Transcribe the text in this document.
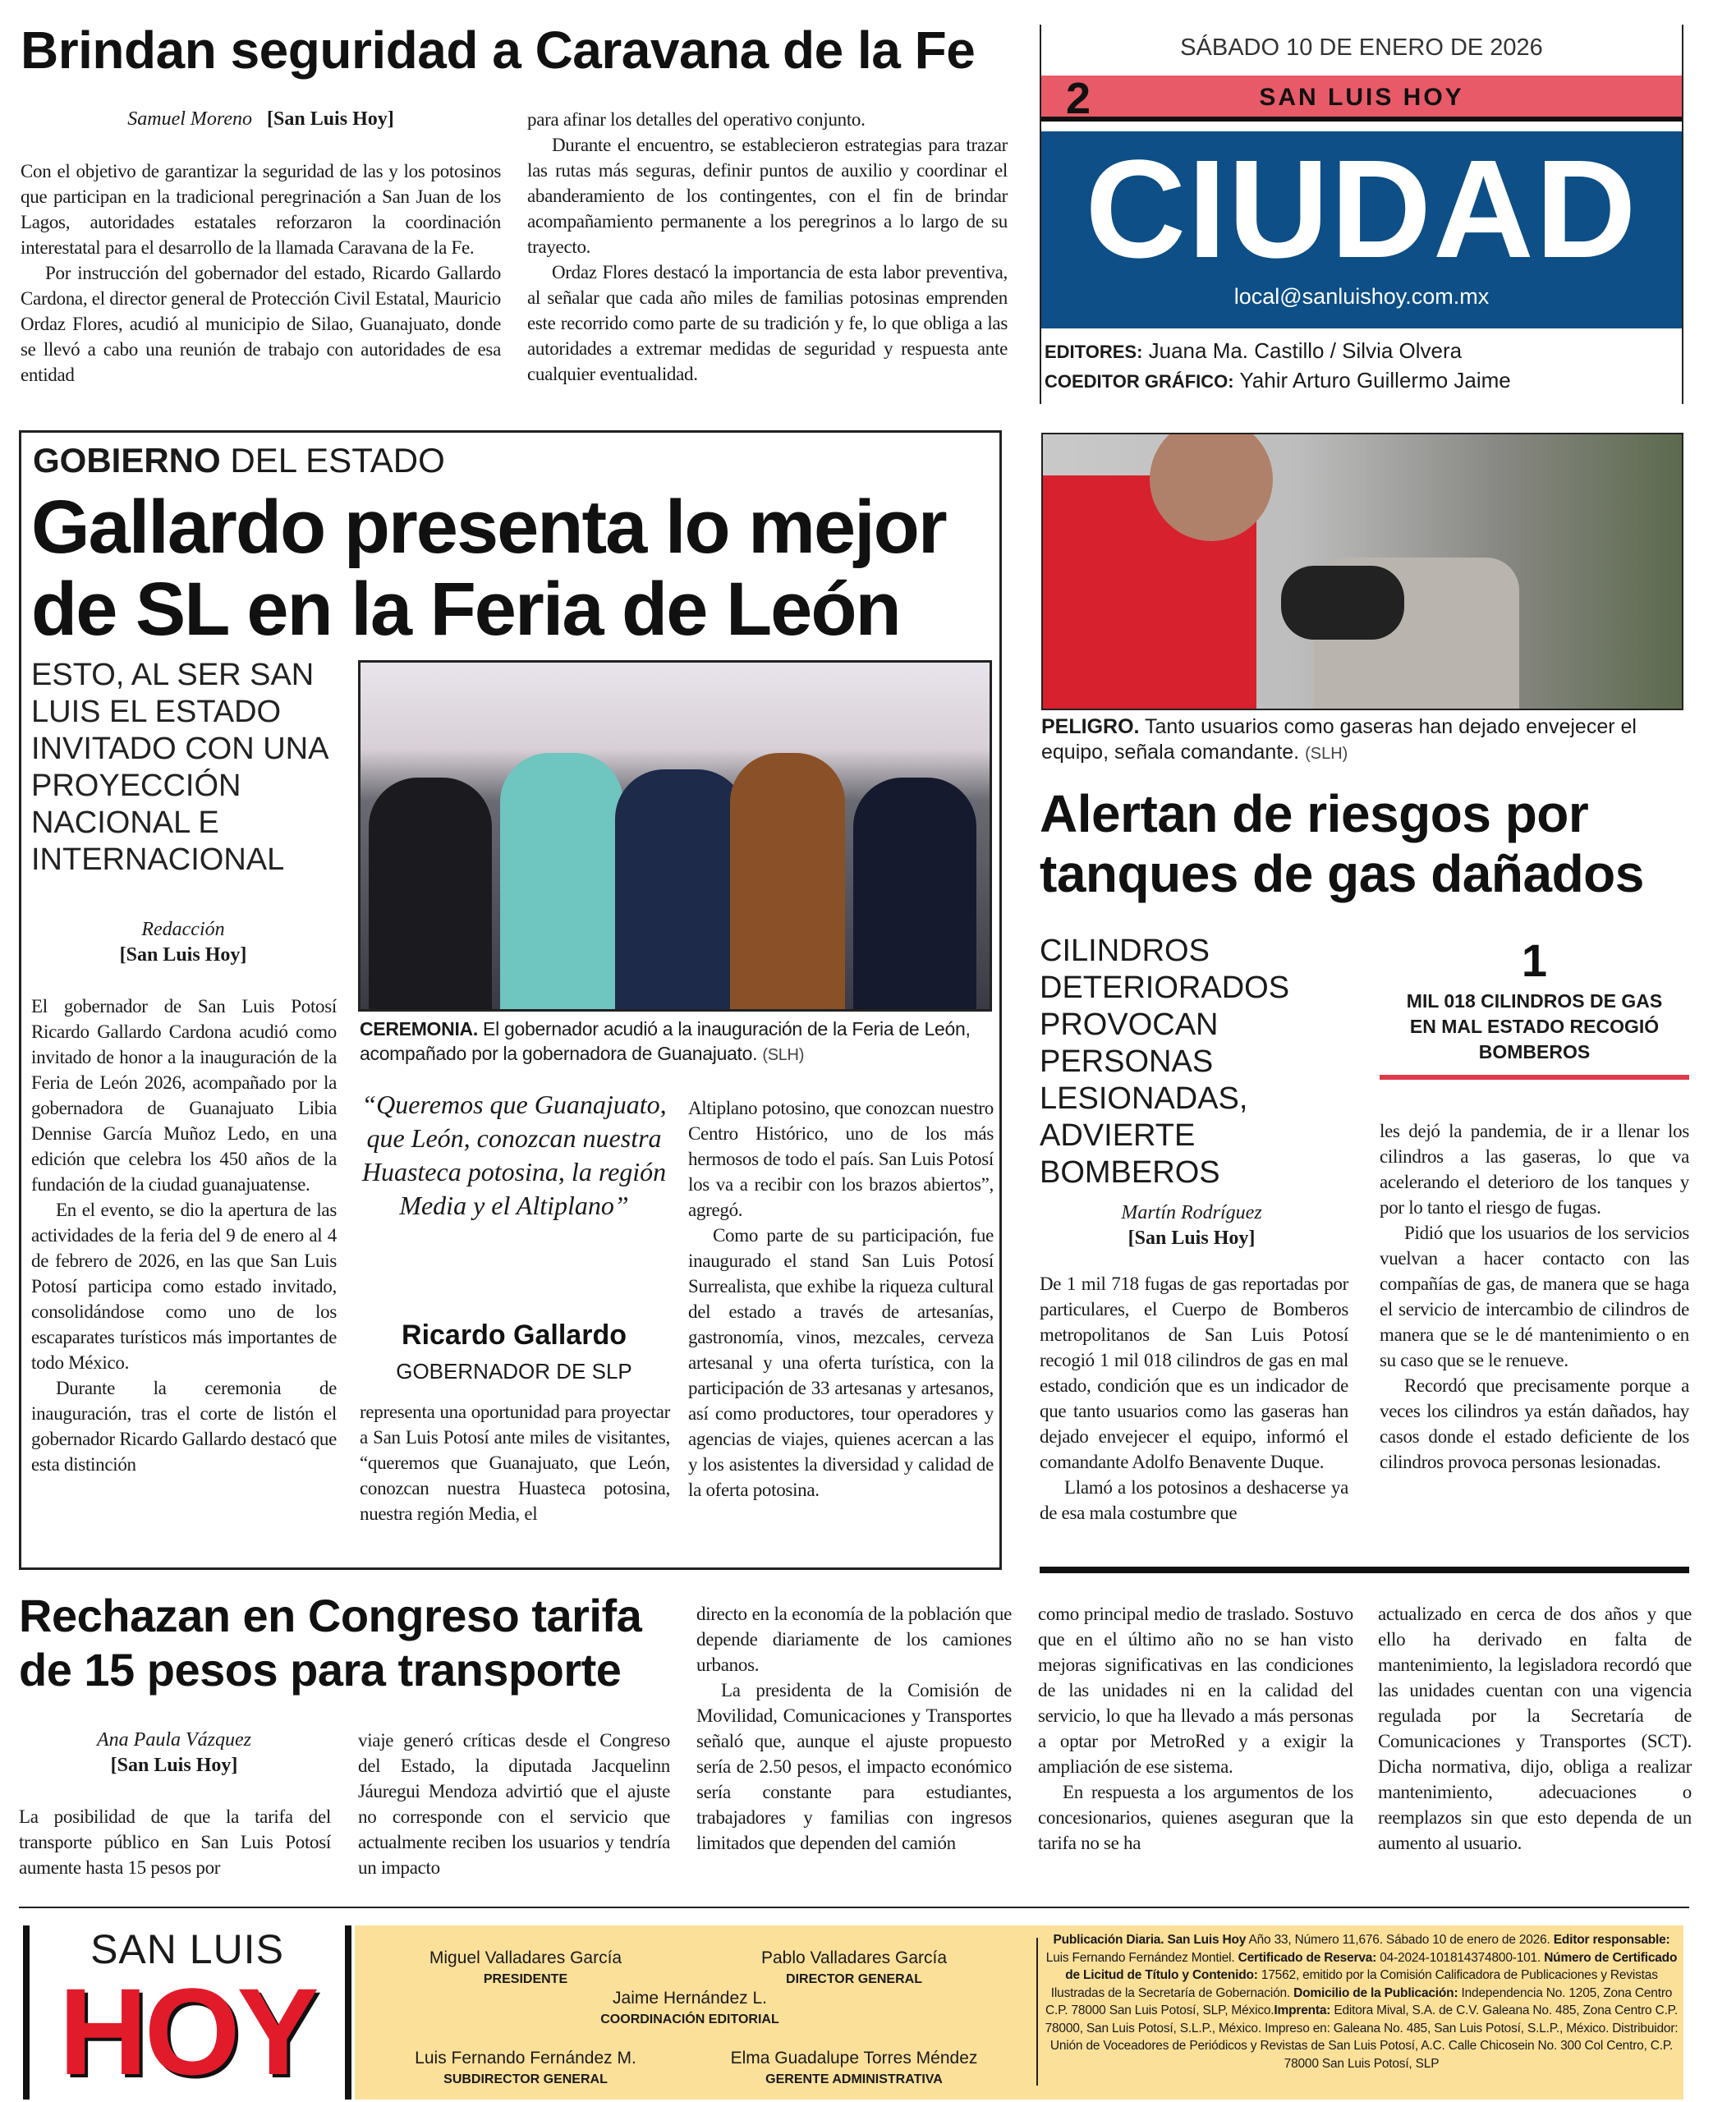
Brindan seguridad a Caravana de la Fe
Samuel Moreno [San Luis Hoy]

Con el objetivo de garantizar la seguridad de las y los potosinos que participan en la tradicional peregrinación a San Juan de los Lagos, autoridades estatales reforzaron la coordinación interestatal para el desarrollo de la llamada Caravana de la Fe.

Por instrucción del gobernador del estado, Ricardo Gallardo Cardona, el director general de Protección Civil Estatal, Mauricio Ordaz Flores, acudió al municipio de Silao, Guanajuato, donde se llevó a cabo una reunión de trabajo con autoridades de esa entidad

para afinar los detalles del operativo conjunto.

Durante el encuentro, se establecieron estrategias para trazar las rutas más seguras, definir puntos de auxilio y coordinar el abanderamiento de los contingentes, con el fin de brindar acompañamiento permanente a los peregrinos a lo largo de su trayecto.

Ordaz Flores destacó la importancia de esta labor preventiva, al señalar que cada año miles de familias potosinas emprenden este recorrido como parte de su tradición y fe, lo que obliga a las autoridades a extremar medidas de seguridad y respuesta ante cualquier eventualidad.

SÁBADO 10 DE ENERO DE 2026
2	SAN LUIS HOY
CIUDAD
local@sanluishoy.com.mx
EDITORES: Juana Ma. Castillo / Silvia Olvera
COEDITOR GRÁFICO: Yahir Arturo Guillermo Jaime
GOBIERNO DEL ESTADO
Gallardo presenta lo mejor de SL en la Feria de León
ESTO, AL SER SAN LUIS EL ESTADO INVITADO CON UNA PROYECCIÓN NACIONAL E INTERNACIONAL
CEREMONIA. El gobernador acudió a la inauguración de la Feria de León, acompañado por la gobernadora de Guanajuato. (SLH)
Redacción
[San Luis Hoy]

El gobernador de San Luis Potosí Ricardo Gallardo Cardona acudió como invitado de honor a la inauguración de la Feria de León 2026, acompañado por la gobernadora de Guanajuato Libia Dennise García Muñoz Ledo, en una edición que celebra los 450 años de la fundación de la ciudad guanajuatense.

En el evento, se dio la apertura de las actividades de la feria del 9 de enero al 4 de febrero de 2026, en las que San Luis Potosí participa como estado invitado, consolidándose como uno de los escaparates turísticos más importantes de todo México.

Durante la ceremonia de inauguración, tras el corte de listón el gobernador Ricardo Gallardo destacó que esta distinción

“Queremos que Guanajuato, que León, conozcan nuestra Huasteca potosina, la región Media y el Altiplano”
Ricardo Gallardo
GOBERNADOR DE SLP

representa una oportunidad para proyectar a San Luis Potosí ante miles de visitantes, “queremos que Guanajuato, que León, conozcan nuestra Huasteca potosina, nuestra región Media, el

Altiplano potosino, que conozcan nuestro Centro Histórico, uno de los más hermosos de todo el país. San Luis Potosí los va a recibir con los brazos abiertos”, agregó.

Como parte de su participación, fue inaugurado el stand San Luis Potosí Surrealista, que exhibe la riqueza cultural del estado a través de artesanías, gastronomía, vinos, mezcales, cerveza artesanal y una oferta turística, con la participación de 33 artesanas y artesanos, así como productores, tour operadores y agencias de viajes, quienes acercan a las y los asistentes la diversidad y calidad de la oferta potosina.

PELIGRO. Tanto usuarios como gaseras han dejado envejecer el equipo, señala comandante. (SLH)
Alertan de riesgos por tanques de gas dañados
CILINDROS DETERIORADOS PROVOCAN PERSONAS LESIONADAS, ADVIERTE BOMBEROS
1
MIL 018 CILINDROS DE GAS EN MAL ESTADO RECOGIÓ BOMBEROS
Martín Rodríguez
[San Luis Hoy]

De 1 mil 718 fugas de gas reportadas por particulares, el Cuerpo de Bomberos metropolitanos de San Luis Potosí recogió 1 mil 018 cilindros de gas en mal estado, condición que es un indicador de que tanto usuarios como las gaseras han dejado envejecer el equipo, informó el comandante Adolfo Benavente Duque.

Llamó a los potosinos a deshacerse ya de esa mala costumbre que

les dejó la pandemia, de ir a llenar los cilindros a las gaseras, lo que va acelerando el deterioro de los tanques y por lo tanto el riesgo de fugas.

Pidió que los usuarios de los servicios vuelvan a hacer contacto con las compañías de gas, de manera que se haga el servicio de intercambio de cilindros de manera que se le dé mantenimiento o en su caso que se le renueve.

Recordó que precisamente porque a veces los cilindros ya están dañados, hay casos donde el estado deficiente de los cilindros provoca personas lesionadas.

Rechazan en Congreso tarifa de 15 pesos para transporte
Ana Paula Vázquez
[San Luis Hoy]

La posibilidad de que la tarifa del transporte público en San Luis Potosí aumente hasta 15 pesos por

viaje generó críticas desde el Congreso del Estado, la diputada Jacquelinn Jáuregui Mendoza advirtió que el ajuste no corresponde con el servicio que actualmente reciben los usuarios y tendría un impacto

directo en la economía de la población que depende diariamente de los camiones urbanos.

La presidenta de la Comisión de Movilidad, Comunicaciones y Transportes señaló que, aunque el ajuste propuesto sería de 2.50 pesos, el impacto económico sería constante para estudiantes, trabajadores y familias con ingresos limitados que dependen del camión

como principal medio de traslado. Sostuvo que en el último año no se han visto mejoras significativas en las condiciones de las unidades ni en la calidad del servicio, lo que ha llevado a más personas a optar por MetroRed y a exigir la ampliación de ese sistema.

En respuesta a los argumentos de los concesionarios, quienes aseguran que la tarifa no se ha

actualizado en cerca de dos años y que ello ha derivado en falta de mantenimiento, la legisladora recordó que las unidades cuentan con una vigencia regulada por la Secretaría de Comunicaciones y Transportes (SCT). Dicha normativa, dijo, obliga a realizar mantenimiento, adecuaciones o reemplazos sin que esto dependa de un aumento al usuario.

SAN LUIS
HOY
Miguel Valladares García
PRESIDENTE
Pablo Valladares García
DIRECTOR GENERAL
Jaime Hernández L.
COORDINACIÓN EDITORIAL
Luis Fernando Fernández M.
SUBDIRECTOR GENERAL
Elma Guadalupe Torres Méndez
GERENTE ADMINISTRATIVA
Publicación Diaria. San Luis Hoy Año 33, Número 11,676. Sábado 10 de enero de 2026. Editor responsable: Luis Fernando Fernández Montiel. Certificado de Reserva: 04-2024-101814374800-101. Número de Certificado de Licitud de Título y Contenido: 17562, emitido por la Comisión Calificadora de Publicaciones y Revistas Ilustradas de la Secretaría de Gobernación. Domicilio de la Publicación: Independencia No. 1205, Zona Centro C.P. 78000 San Luis Potosí, SLP, México.Imprenta: Editora Mival, S.A. de C.V. Galeana No. 485, Zona Centro C.P. 78000, San Luis Potosí, S.L.P., México. Impreso en: Galeana No. 485, San Luis Potosí, S.L.P., México. Distribuidor: Unión de Voceadores de Periódicos y Revistas de San Luis Potosí, A.C. Calle Chicosein No. 300 Col Centro, C.P. 78000 San Luis Potosí, SLP
